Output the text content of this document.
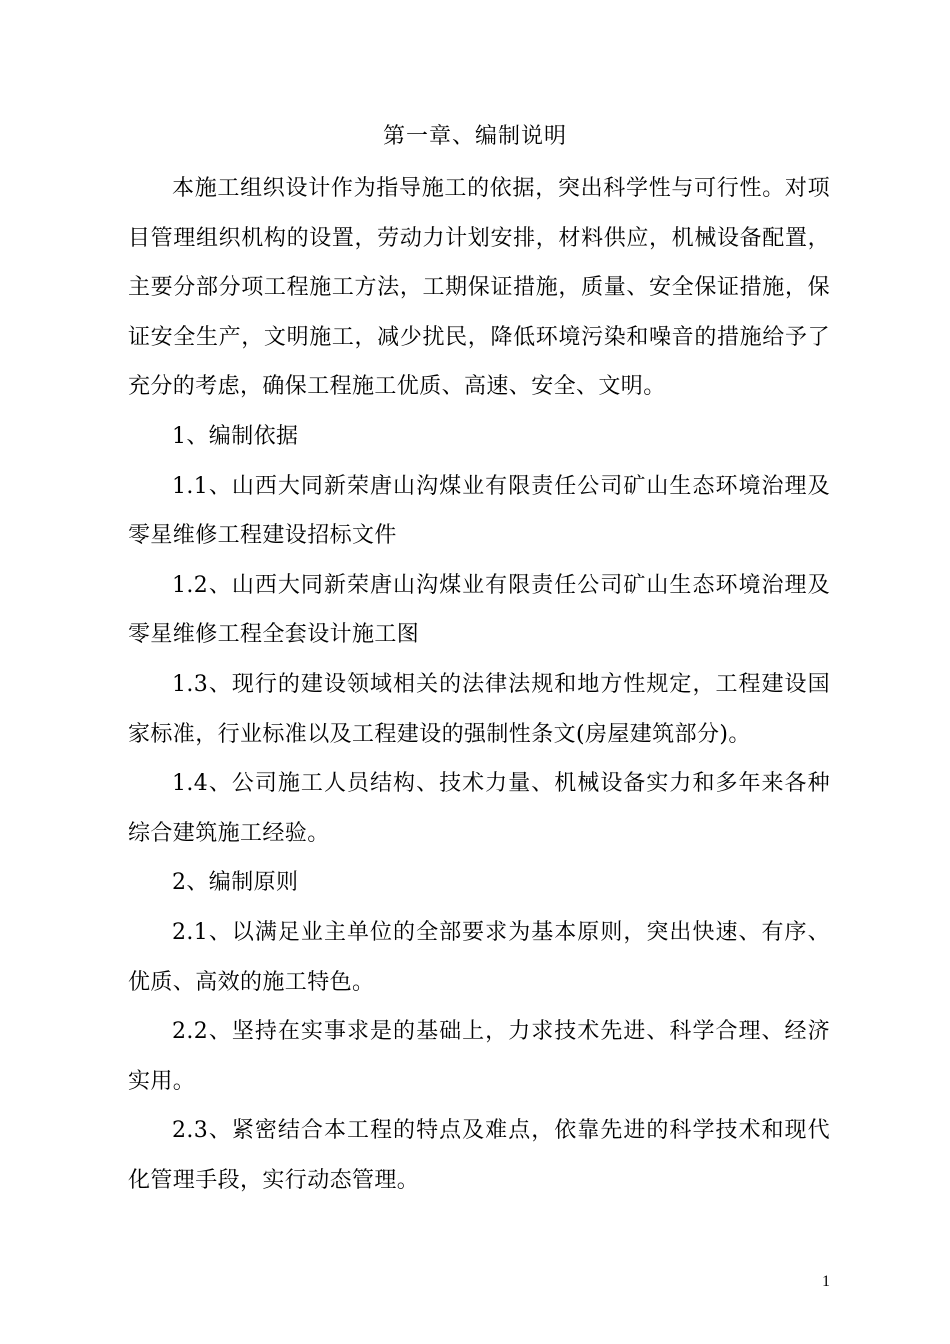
第一章、编制说明

本施工组织设计作为指导施工的依据，突出科学性与可行性。对项目管理组织机构的设置，劳动力计划安排，材料供应，机械设备配置，主要分部分项工程施工方法，工期保证措施，质量、安全保证措施，保证安全生产，文明施工，减少扰民，降低环境污染和噪音的措施给予了充分的考虑，确保工程施工优质、高速、安全、文明。

1、编制依据

1.1、山西大同新荣唐山沟煤业有限责任公司矿山生态环境治理及零星维修工程建设招标文件

1.2、山西大同新荣唐山沟煤业有限责任公司矿山生态环境治理及零星维修工程全套设计施工图

1.3、现行的建设领域相关的法律法规和地方性规定，工程建设国家标准，行业标准以及工程建设的强制性条文(房屋建筑部分)。

1.4、公司施工人员结构、技术力量、机械设备实力和多年来各种综合建筑施工经验。

2、编制原则

2.1、以满足业主单位的全部要求为基本原则，突出快速、有序、优质、高效的施工特色。

2.2、坚持在实事求是的基础上，力求技术先进、科学合理、经济实用。

2.3、紧密结合本工程的特点及难点，依靠先进的科学技术和现代化管理手段，实行动态管理。

1
